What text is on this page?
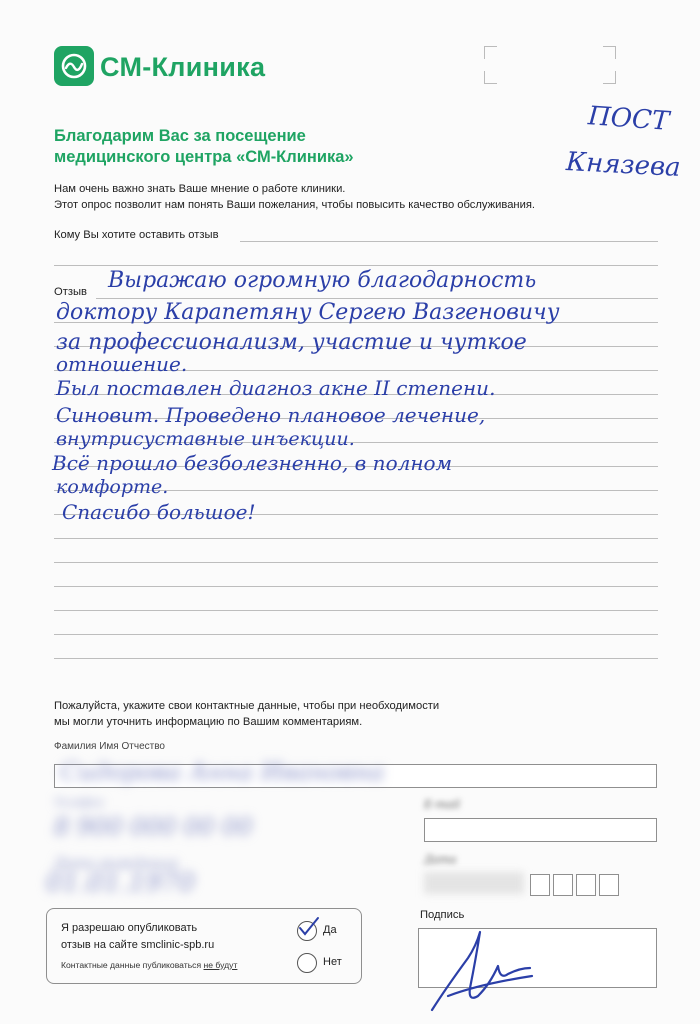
СМ-Клиника
ПОСТ
Князева
Благодарим Вас за посещение
медицинского центра «СМ-Клиника»
Нам очень важно знать Ваше мнение о работе клиники.
Этот опрос позволит нам понять Ваши пожелания, чтобы повысить качество обслуживания.
Кому Вы хотите оставить отзыв
Отзыв Выражаю огромную благодарность
доктору Карапетяну Сергею Вазгеновичу
за профессионализм, участие и чуткое
отношение.
Был поставлен диагноз акне II степени.
Синовит. Проведено плановое лечение,
внутрисуставные инъекции.
Всё прошло безболезненно, в полном
комфорте.
Спасибо большое!
Пожалуйста, укажите свои контактные данные, чтобы при необходимости
мы могли уточнить информацию по Вашим комментариям.
Фамилия Имя Отчество
Сидорова Анна Ивановна
Телефон
8 900 000 00 00
E-mail
Дата рождения
01.01.1970
Дата
Я разрешаю опубликовать
отзыв на сайте smclinic-spb.ru
Контактные данные публиковаться не будут
Да
Нет
Подпись
